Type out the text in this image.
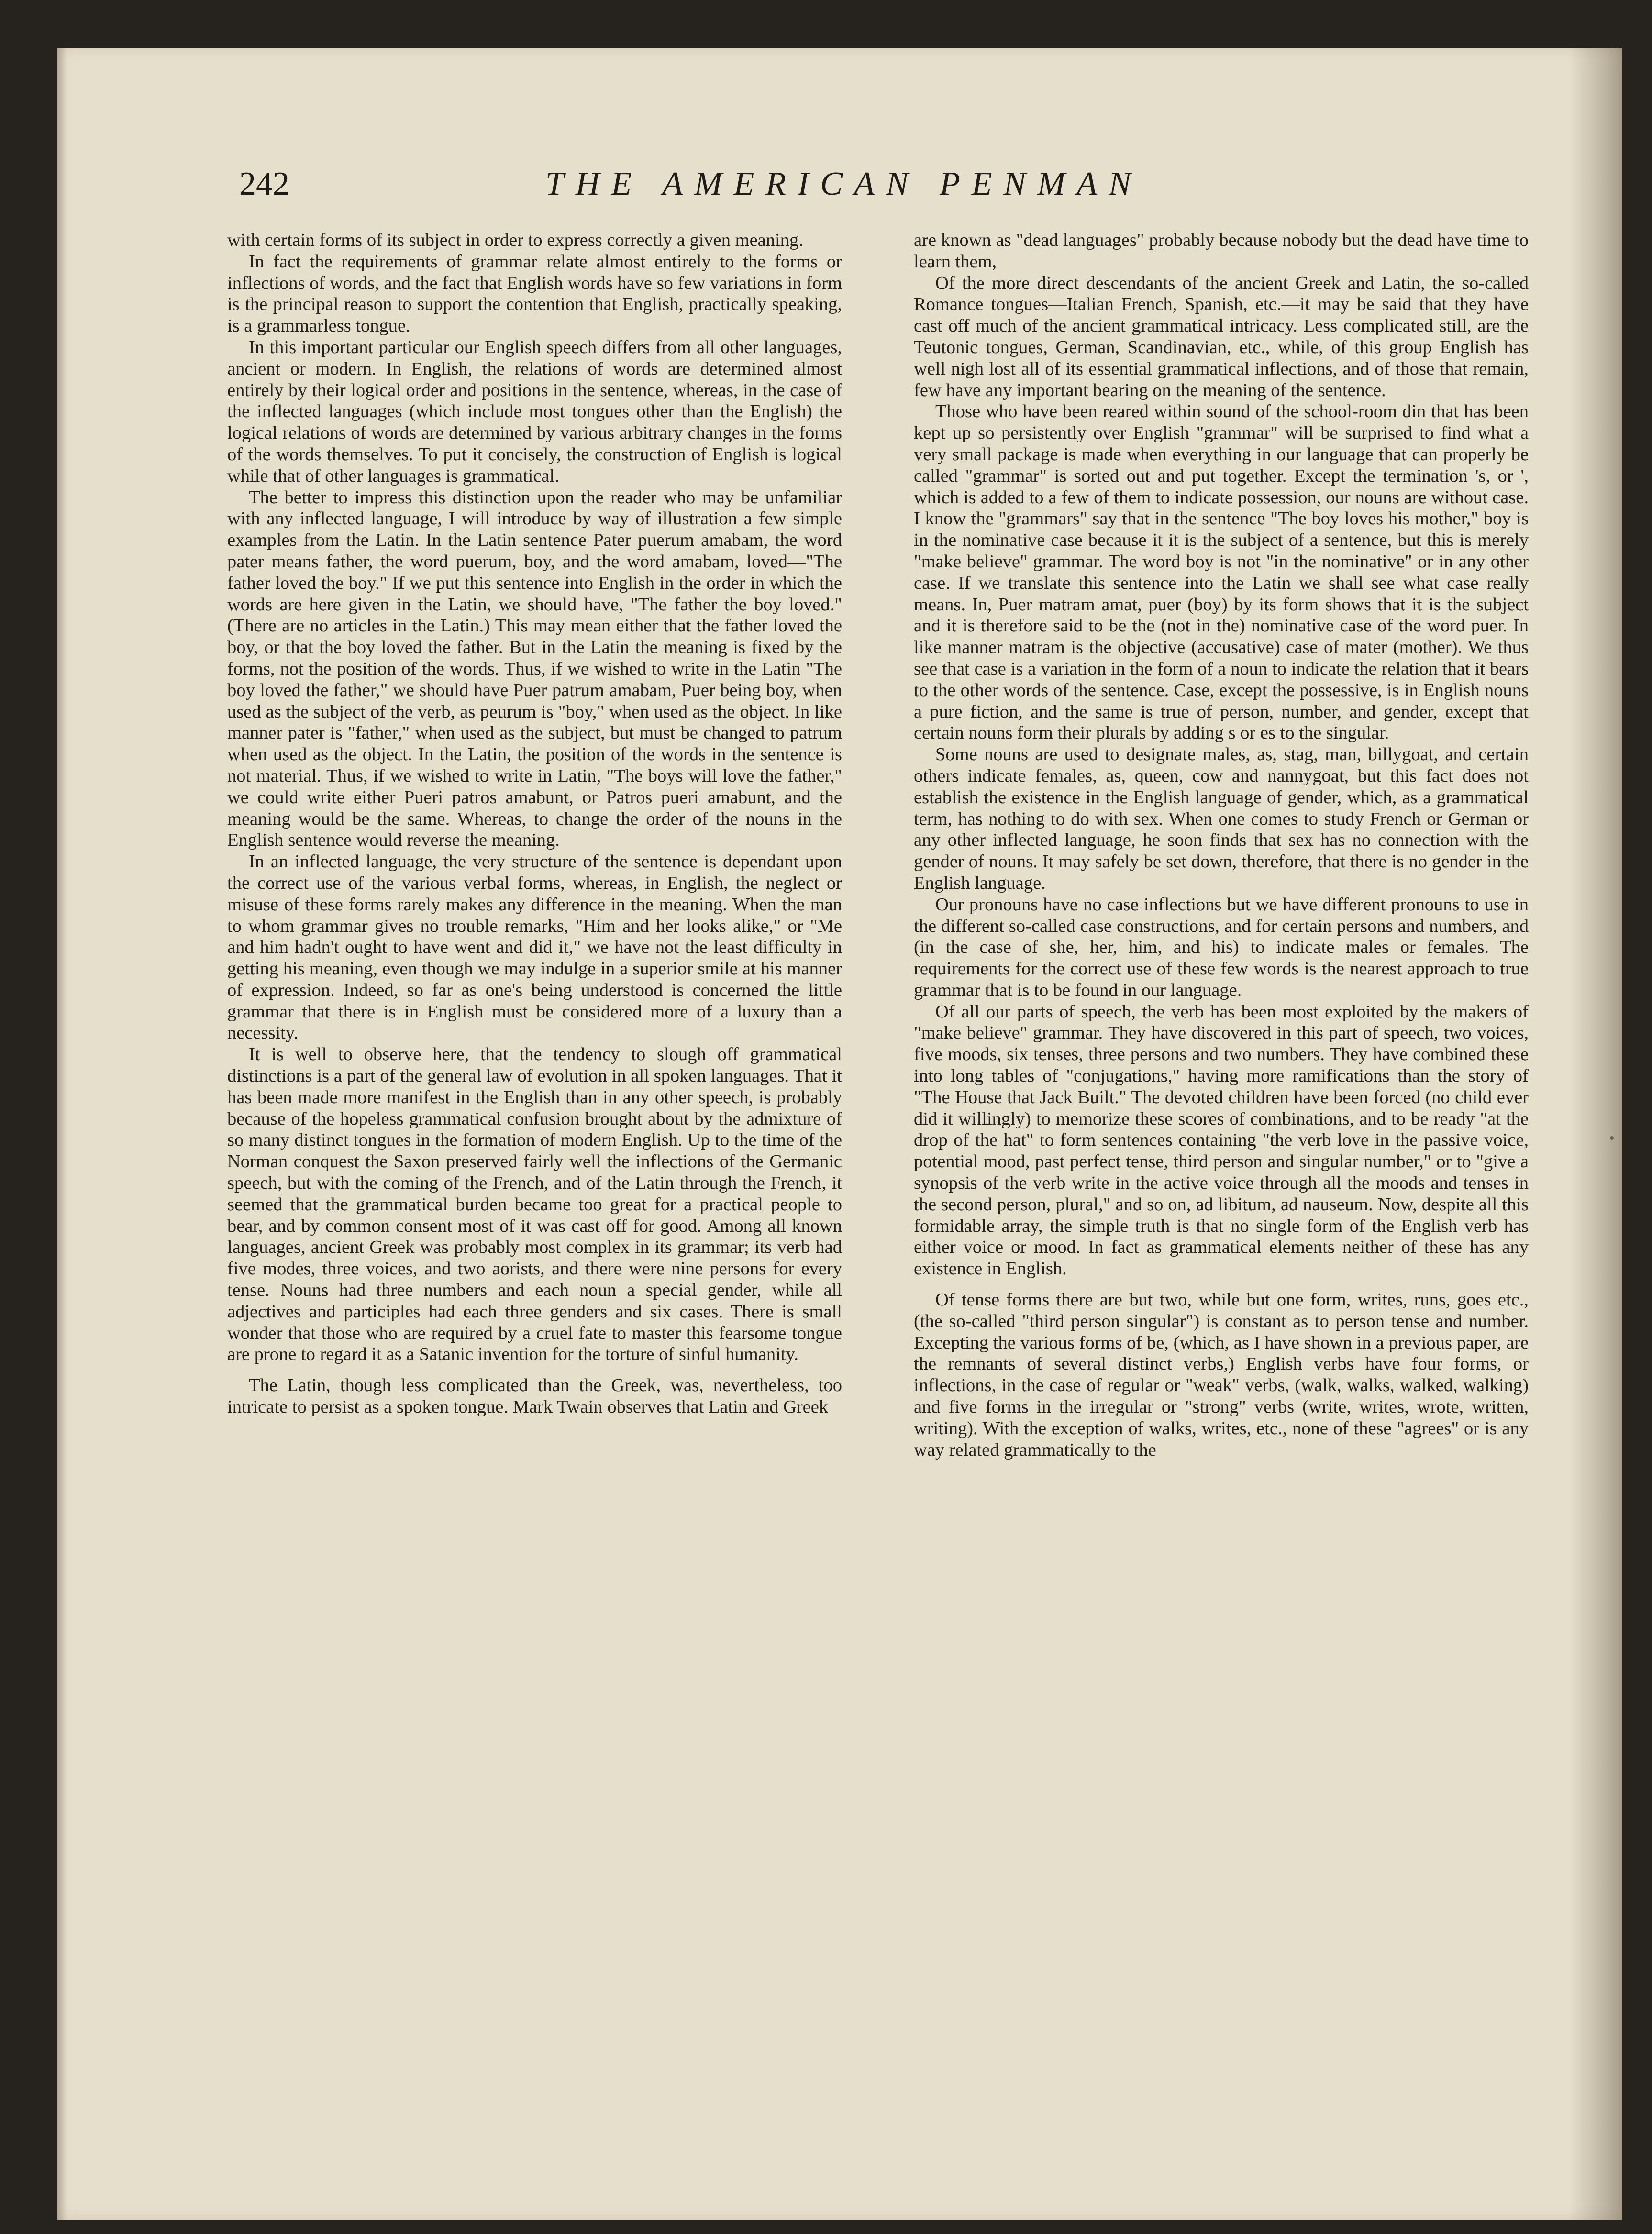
242	THE AMERICAN PENMAN

with certain forms of its subject in order to express correctly a given meaning.

In fact the requirements of grammar relate almost entirely to the forms or inflections of words, and the fact that English words have so few variations in form is the principal reason to support the contention that English, practically speaking, is a grammarless tongue.

In this important particular our English speech differs from all other languages, ancient or modern. In English, the relations of words are determined almost entirely by their logical order and positions in the sentence, whereas, in the case of the inflected languages (which include most tongues other than the English) the logical relations of words are determined by various arbitrary changes in the forms of the words themselves. To put it concisely, the construction of English is logical while that of other languages is grammatical.

The better to impress this distinction upon the reader who may be unfamiliar with any inflected language, I will introduce by way of illustration a few simple examples from the Latin. In the Latin sentence Pater puerum amabam, the word pater means father, the word puerum, boy, and the word amabam, loved—"The father loved the boy." If we put this sentence into English in the order in which the words are here given in the Latin, we should have, "The father the boy loved." (There are no articles in the Latin.) This may mean either that the father loved the boy, or that the boy loved the father. But in the Latin the meaning is fixed by the forms, not the position of the words. Thus, if we wished to write in the Latin "The boy loved the father," we should have Puer patrum amabam, Puer being boy, when used as the subject of the verb, as peurum is "boy," when used as the object. In like manner pater is "father," when used as the subject, but must be changed to patrum when used as the object. In the Latin, the position of the words in the sentence is not material. Thus, if we wished to write in Latin, "The boys will love the father," we could write either Pueri patros amabunt, or Patros pueri amabunt, and the meaning would be the same. Whereas, to change the order of the nouns in the English sentence would reverse the meaning.

In an inflected language, the very structure of the sentence is dependant upon the correct use of the various verbal forms, whereas, in English, the neglect or misuse of these forms rarely makes any difference in the meaning. When the man to whom grammar gives no trouble remarks, "Him and her looks alike," or "Me and him hadn't ought to have went and did it," we have not the least difficulty in getting his meaning, even though we may indulge in a superior smile at his manner of expression. Indeed, so far as one's being understood is concerned the little grammar that there is in English must be considered more of a luxury than a necessity.

It is well to observe here, that the tendency to slough off grammatical distinctions is a part of the general law of evolution in all spoken languages. That it has been made more manifest in the English than in any other speech, is probably because of the hopeless grammatical confusion brought about by the admixture of so many distinct tongues in the formation of modern English. Up to the time of the Norman conquest the Saxon preserved fairly well the inflections of the Germanic speech, but with the coming of the French, and of the Latin through the French, it seemed that the grammatical burden became too great for a practical people to bear, and by common consent most of it was cast off for good. Among all known languages, ancient Greek was probably most complex in its grammar; its verb had five modes, three voices, and two aorists, and there were nine persons for every tense. Nouns had three numbers and each noun a special gender, while all adjectives and participles had each three genders and six cases. There is small wonder that those who are required by a cruel fate to master this fearsome tongue are prone to regard it as a Satanic invention for the torture of sinful humanity.

The Latin, though less complicated than the Greek, was, nevertheless, too intricate to persist as a spoken tongue. Mark Twain observes that Latin and Greek

are known as "dead languages" probably because nobody but the dead have time to learn them,

Of the more direct descendants of the ancient Greek and Latin, the so-called Romance tongues—Italian French, Spanish, etc.—it may be said that they have cast off much of the ancient grammatical intricacy. Less complicated still, are the Teutonic tongues, German, Scandinavian, etc., while, of this group English has well nigh lost all of its essential grammatical inflections, and of those that remain, few have any important bearing on the meaning of the sentence.

Those who have been reared within sound of the school-room din that has been kept up so persistently over English "grammar" will be surprised to find what a very small package is made when everything in our language that can properly be called "grammar" is sorted out and put together. Except the termination 's, or ', which is added to a few of them to indicate possession, our nouns are without case. I know the "grammars" say that in the sentence "The boy loves his mother," boy is in the nominative case because it it is the subject of a sentence, but this is merely "make believe" grammar. The word boy is not "in the nominative" or in any other case. If we translate this sentence into the Latin we shall see what case really means. In, Puer matram amat, puer (boy) by its form shows that it is the subject and it is therefore said to be the (not in the) nominative case of the word puer. In like manner matram is the objective (accusative) case of mater (mother). We thus see that case is a variation in the form of a noun to indicate the relation that it bears to the other words of the sentence. Case, except the possessive, is in English nouns a pure fiction, and the same is true of person, number, and gender, except that certain nouns form their plurals by adding s or es to the singular.

Some nouns are used to designate males, as, stag, man, billygoat, and certain others indicate females, as, queen, cow and nannygoat, but this fact does not establish the existence in the English language of gender, which, as a grammatical term, has nothing to do with sex. When one comes to study French or German or any other inflected language, he soon finds that sex has no connection with the gender of nouns. It may safely be set down, therefore, that there is no gender in the English language.

Our pronouns have no case inflections but we have different pronouns to use in the different so-called case constructions, and for certain persons and numbers, and (in the case of she, her, him, and his) to indicate males or females. The requirements for the correct use of these few words is the nearest approach to true grammar that is to be found in our language.

Of all our parts of speech, the verb has been most exploited by the makers of "make believe" grammar. They have discovered in this part of speech, two voices, five moods, six tenses, three persons and two numbers. They have combined these into long tables of "conjugations," having more ramifications than the story of "The House that Jack Built." The devoted children have been forced (no child ever did it willingly) to memorize these scores of combinations, and to be ready "at the drop of the hat" to form sentences containing "the verb love in the passive voice, potential mood, past perfect tense, third person and singular number," or to "give a synopsis of the verb write in the active voice through all the moods and tenses in the second person, plural," and so on, ad libitum, ad nauseum. Now, despite all this formidable array, the simple truth is that no single form of the English verb has either voice or mood. In fact as grammatical elements neither of these has any existence in English.

Of tense forms there are but two, while but one form, writes, runs, goes etc., (the so-called "third person singular") is constant as to person tense and number. Excepting the various forms of be, (which, as I have shown in a previous paper, are the remnants of several distinct verbs,) English verbs have four forms, or inflections, in the case of regular or "weak" verbs, (walk, walks, walked, walking) and five forms in the irregular or "strong" verbs (write, writes, wrote, written, writing). With the exception of walks, writes, etc., none of these "agrees" or is any way related grammatically to the
